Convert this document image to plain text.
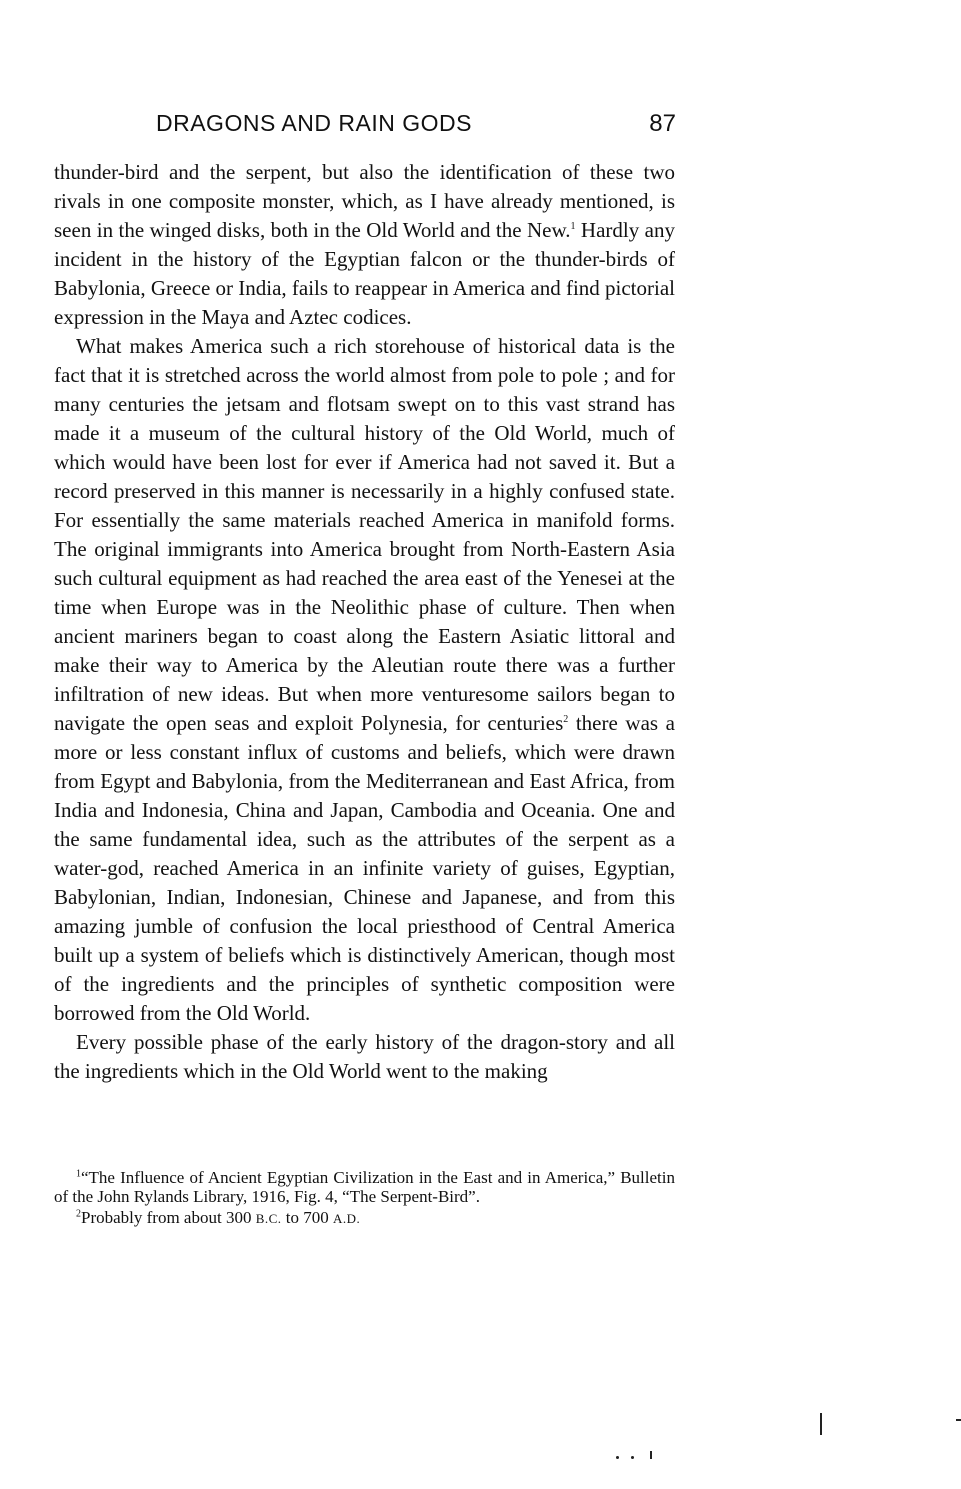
DRAGONS AND RAIN GODS	87

thunder-bird and the serpent, but also the identification of these two rivals in one composite monster, which, as I have already mentioned, is seen in the winged disks, both in the Old World and the New.$^1$ Hardly any incident in the history of the Egyptian falcon or the thunder-birds of Babylonia, Greece or India, fails to reappear in America and find pictorial expression in the Maya and Aztec codices.

What makes America such a rich storehouse of historical data is the fact that it is stretched across the world almost from pole to pole ; and for many centuries the jetsam and flotsam swept on to this vast strand has made it a museum of the cultural history of the Old World, much of which would have been lost for ever if America had not saved it. But a record preserved in this manner is necessarily in a highly confused state. For essentially the same materials reached America in manifold forms. The original immigrants into America brought from North-Eastern Asia such cultural equipment as had reached the area east of the Yenesei at the time when Europe was in the Neolithic phase of culture. Then when ancient mariners began to coast along the Eastern Asiatic littoral and make their way to America by the Aleutian route there was a further infiltration of new ideas. But when more venturesome sailors began to navigate the open seas and exploit Polynesia, for centuries$^2$ there was a more or less constant influx of customs and beliefs, which were drawn from Egypt and Babylonia, from the Mediterranean and East Africa, from India and Indonesia, China and Japan, Cambodia and Oceania. One and the same fundamental idea, such as the attributes of the serpent as a water-god, reached America in an infinite variety of guises, Egyptian, Babylonian, Indian, Indonesian, Chinese and Japanese, and from this amazing jumble of confusion the local priesthood of Central America built up a system of beliefs which is distinctively American, though most of the ingredients and the principles of synthetic composition were borrowed from the Old World.

Every possible phase of the early history of the dragon-story and all the ingredients which in the Old World went to the making

$^1$“The Influence of Ancient Egyptian Civilization in the East and in America,” Bulletin of the John Rylands Library, 1916, Fig. 4, “The Serpent-Bird”.

$^2$Probably from about 300 B.C. to 700 A.D.
